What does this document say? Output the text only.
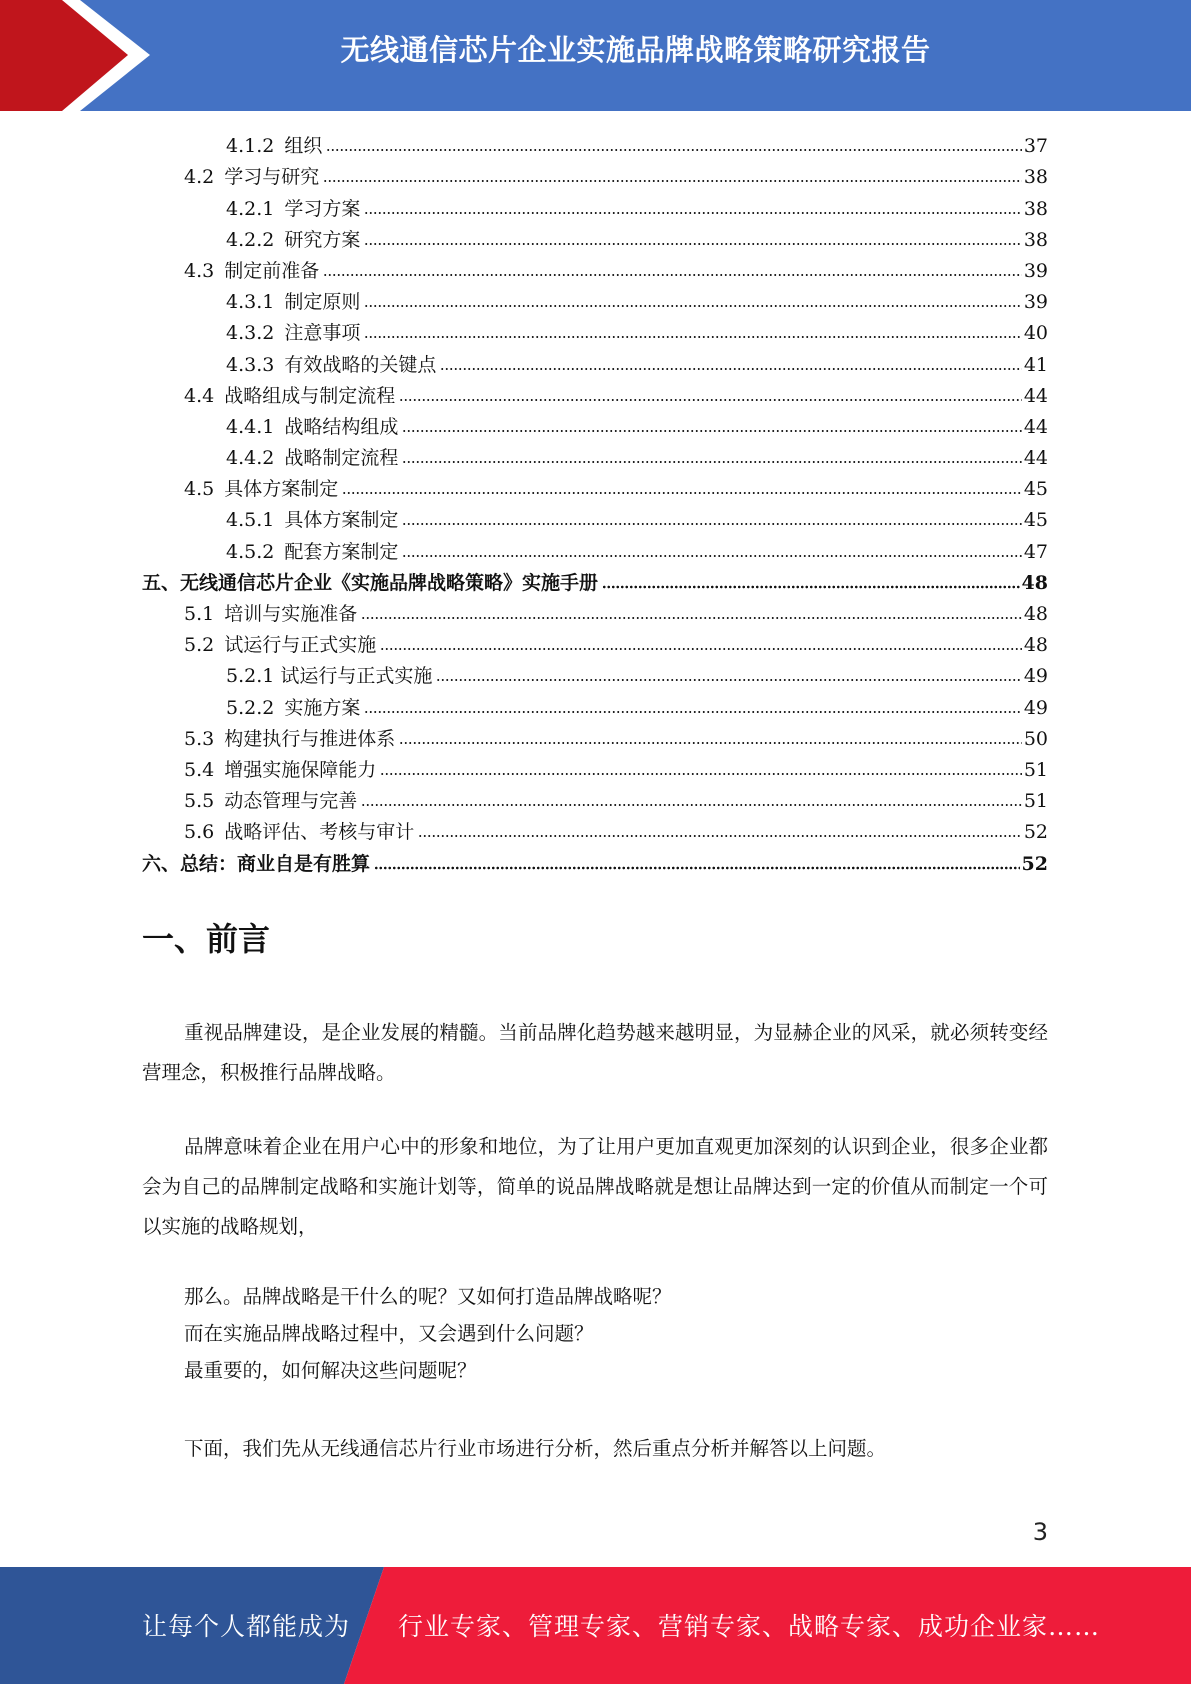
无线通信芯片企业实施品牌战略策略研究报告
4.1.2 组织	37
4.2 学习与研究	38
4.2.1 学习方案	38
4.2.2 研究方案	38
4.3 制定前准备	39
4.3.1 制定原则	39
4.3.2 注意事项	40
4.3.3 有效战略的关键点	41
4.4 战略组成与制定流程	44
4.4.1 战略结构组成	44
4.4.2 战略制定流程	44
4.5 具体方案制定	45
4.5.1 具体方案制定	45
4.5.2 配套方案制定	47
五、无线通信芯片企业《实施品牌战略策略》实施手册	48
5.1 培训与实施准备	48
5.2 试运行与正式实施	48
5.2.1 试运行与正式实施	49
5.2.2 实施方案	49
5.3 构建执行与推进体系	50
5.4 增强实施保障能力	51
5.5 动态管理与完善	51
5.6 战略评估、考核与审计	52
六、总结：商业自是有胜算	52
一、前言
重视品牌建设，是企业发展的精髓。当前品牌化趋势越来越明显，为显赫企业的风采，就必须转变经营理念，积极推行品牌战略。
品牌意味着企业在用户心中的形象和地位，为了让用户更加直观更加深刻的认识到企业，很多企业都会为自己的品牌制定战略和实施计划等，简单的说品牌战略就是想让品牌达到一定的价值从而制定一个可以实施的战略规划，
那么。品牌战略是干什么的呢？又如何打造品牌战略呢？
而在实施品牌战略过程中，又会遇到什么问题？
最重要的，如何解决这些问题呢？
下面，我们先从无线通信芯片行业市场进行分析，然后重点分析并解答以上问题。
3
让每个人都能成为 行业专家、管理专家、营销专家、战略专家、成功企业家……
